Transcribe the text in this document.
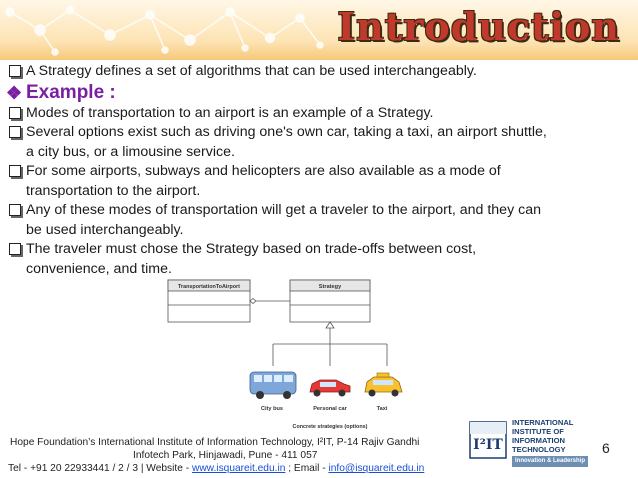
Introduction
A Strategy defines a set of algorithms that can be used interchangeably.
❖ Example :
Modes of transportation to an airport is an example of a Strategy.
Several options exist such as driving one's own car, taking a taxi, an airport shuttle,
a city bus, or a limousine service.
For some airports, subways and helicopters are also available as a mode of
transportation to the airport.
Any of these modes of transportation will get a traveler to the airport, and they can
be used interchangeably.
The traveler must chose the Strategy based on trade-offs between cost,
convenience, and time.
TransportationToAirport	Strategy
City bus	Personal car	Taxi
Concrete strategies (options)
Hope Foundation’s International Institute of Information Technology, I²IT, P-14 Rajiv Gandhi
Infotech Park, Hinjawadi, Pune - 411 057
Tel - +91 20 22933441 / 2 / 3 | Website - www.isquareit.edu.in ; Email - info@isquareit.edu.in
6
I²IT
INTERNATIONAL
INSTITUTE OF
INFORMATION
TECHNOLOGY
Innovation & Leadership
